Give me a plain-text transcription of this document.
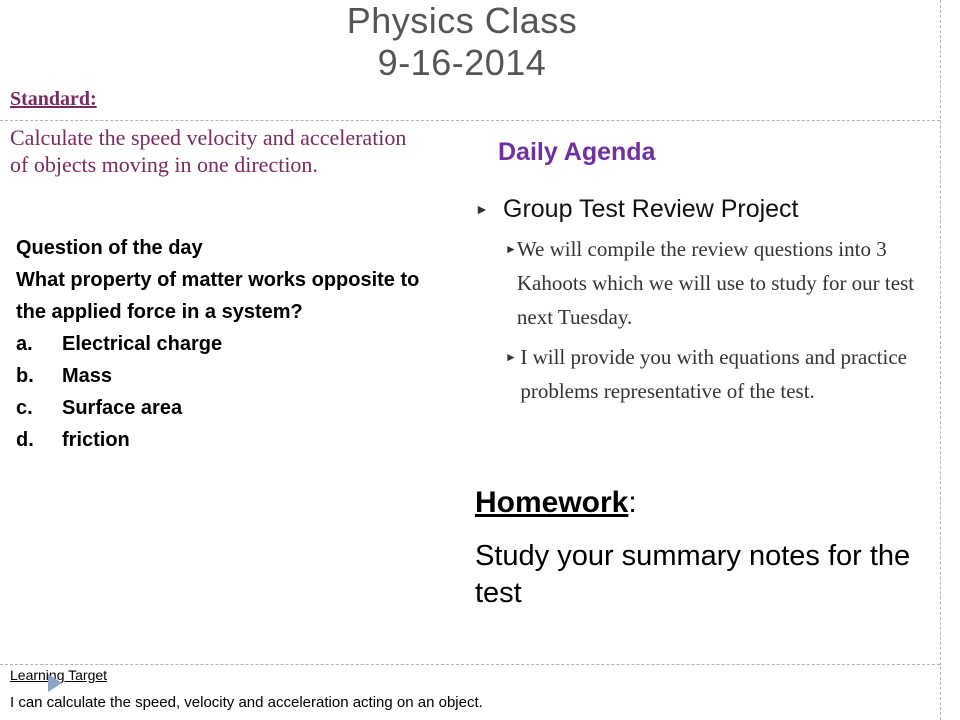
Physics Class
9-16-2014
Standard:
Calculate the speed velocity and acceleration of objects moving in one direction.	Daily Agenda
Question of the day
What property of matter works opposite to the applied force in a system?
a.	Electrical charge
b.	Mass
c.	Surface area
d.	friction
► Group Test Review Project
► We will compile the review questions into 3 Kahoots which we will use to study for our test next Tuesday.
► I will provide you with equations and practice problems representative of the test.
Homework:
Study your summary notes for the test
Learning Target
I can calculate the speed, velocity and acceleration acting on an object.
